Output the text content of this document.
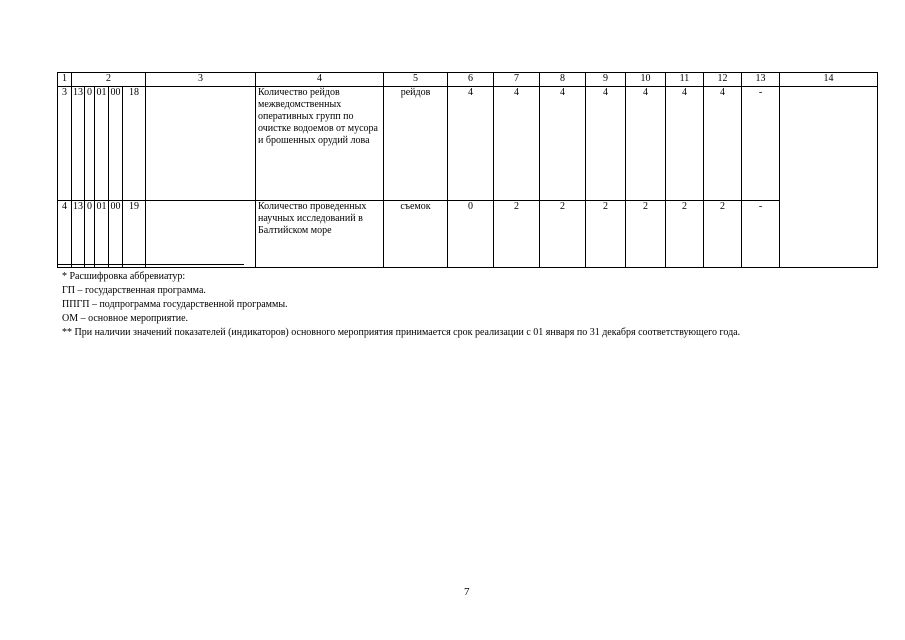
1	2					3	4	5	6	7	8	9	10	11	12	13	14
3	13	0	01	00	18		Количество рейдов межведомственных оперативных групп по очистке водоемов от мусора и брошенных орудий лова	рейдов	4	4	4	4	4	4	4	-	
4	13	0	01	00	19		Количество проведенных научных исследований в Балтийском море	съемок	0	2	2	2	2	2	2	-	
* Расшифровка аббревиатур:
ГП – государственная программа.
ППГП – подпрограмма государственной программы.
ОМ – основное мероприятие.
** При наличии значений показателей (индикаторов) основного мероприятия принимается срок реализации с 01 января по 31 декабря соответствующего года.
7
